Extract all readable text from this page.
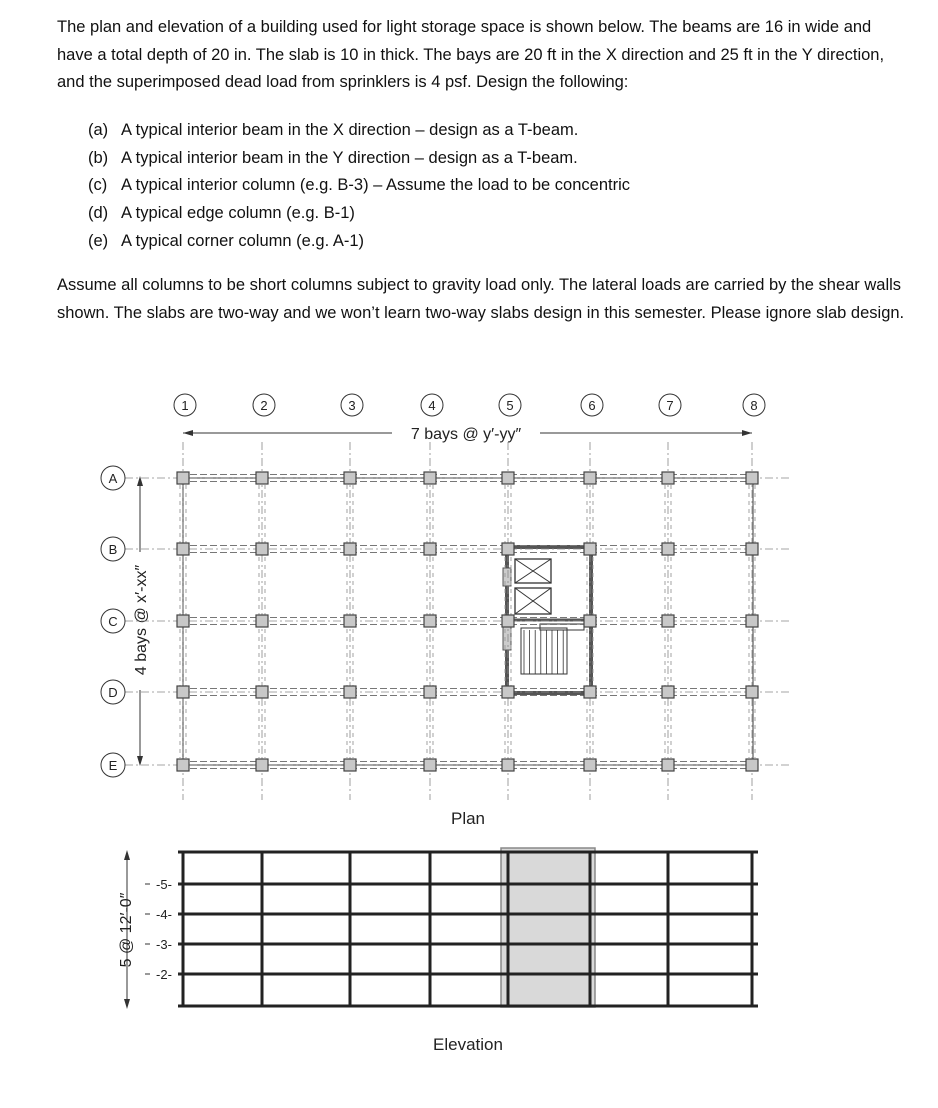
The plan and elevation of a building used for light storage space is shown below. The beams are 16 in wide and have a total depth of 20 in. The slab is 10 in thick. The bays are 20 ft in the X direction and 25 ft in the Y direction, and the superimposed dead load from sprinklers is 4 psf. Design the following:

(a) A typical interior beam in the X direction – design as a T-beam.
(b) A typical interior beam in the Y direction – design as a T-beam.
(c) A typical interior column (e.g. B-3) – Assume the load to be concentric
(d) A typical edge column (e.g. B-1)
(e) A typical corner column (e.g. A-1)

Assume all columns to be short columns subject to gravity load only. The lateral loads are carried by the shear walls shown. The slabs are two-way and we won’t learn two-way slabs design in this semester. Please ignore slab design.

7 bays @ y′-yy″
4 bays @ x′-xx″
Plan
1	2	3	4	5	6	7	8
A
B
C
D
E
5 @ 12′-0″
Elevation
-5-
-4-
-3-
-2-
